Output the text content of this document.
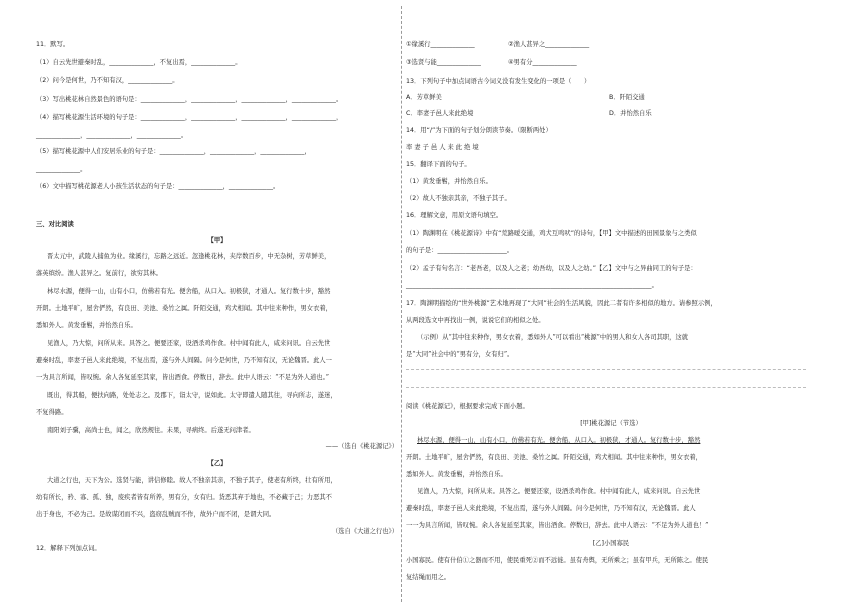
11．默写。
（1）自云先世避秦时乱，______________，不复出焉，______________。
（2）问今是何世，乃不知有汉，______________。
（3）写出桃花林自然景色的语句是：______________，______________，______________，______________。
（4）描写桃花源生活环境的句子是：______________，______________，______________，______________，
______________，______________，______________。
（5）描写桃花源中人们安居乐业的句子是：______________，______________，______________，
______________。
（6）文中描写桃花源老人小孩生活状态的句子是：______________，______________。
三、对比阅读
【甲】
晋太元中，武陵人捕鱼为业。缘溪行，忘路之远近。忽逢桃花林，夹岸数百步，中无杂树，芳草鲜美，
落英缤纷。渔人甚异之。复前行，欲穷其林。
林尽水源，便得一山，山有小口，仿佛若有光。便舍船，从口入。初极狭，才通人。复行数十步，豁然
开朗。土地平旷，屋舍俨然，有良田、美池、桑竹之属。阡陌交通，鸡犬相闻。其中往来种作，男女衣着，
悉如外人。黄发垂髫，并怡然自乐。
见渔人，乃大惊，问所从来。具答之。便要还家，设酒杀鸡作食。村中闻有此人，咸来问讯。自云先世
避秦时乱，率妻子邑人来此绝境，不复出焉，遂与外人间隔。问今是何世，乃不知有汉，无论魏晋。此人一
一为具言所闻，皆叹惋。余人各复延至其家，皆出酒食。停数日，辞去。此中人语云：“不足为外人道也。”
既出，得其船，便扶向路，处处志之。及郡下，诣太守，说如此。太守即遣人随其往，寻向所志，遂迷，
不复得路。
南阳刘子骥，高尚士也，闻之，欣然规往。未果，寻病终。后遂无问津者。
——（选自《桃花源记》）
【乙】
大道之行也，天下为公。选贤与能，讲信修睦。故人不独亲其亲，不独子其子，使老有所终，壮有所用，
幼有所长，矜、寡、孤、独，废疾者皆有所养，男有分，女有归。货恶其弃于地也，不必藏于己；力恶其不
出于身也，不必为己。是故谋闭而不兴，盗窃乱贼而不作，故外户而不闭，是谓大同。
（选自《大道之行也》）
12．解释下列加点词。
①缘溪行______________	②渔人甚异之______________
③选贤与能______________	④男有分______________
13．下列句子中加点词语古今词义没有发生变化的一项是（　　）
A．芳草鲜美	B．阡陌交通
C．率妻子邑人来此绝境	D．并怡然自乐
14．用“/”为下面的句子划分朗读节奏。（限断两处）
率 妻 子 邑 人 来 此 绝 境
15．翻译下面的句子。
（1）黄发垂髫，并怡然自乐。
（2）故人不独亲其亲，不独子其子。
16．理解文意，用原文语句填空。
（1）陶渊明在《桃花源诗》中有“荒路暧交通，鸡犬互鸣吠”的诗句，【甲】文中描述的田园景象与之类似
的句子是：______________________。
（2）孟子有句名言：“老吾老，以及人之老；幼吾幼，以及人之幼。”【乙】文中与之异曲同工的句子是：
______________________________________________________________________________。
17．陶渊明描绘的“世外桃源”艺术地再现了“大同”社会的生活风貌，因此二者有许多相似的地方。请参照示例，
从两段选文中再找出一例，说说它们的相似之处。
（示例）从“其中往来种作，男女衣着，悉如外人”可以看出“桃源”中的男人和女人各司其职，这就
是“大同”社会中的“男有分，女有归”。
阅读《桃花源记》，根据要求完成下面小题。
[甲]桃花源记（节选）
林尽水源，便得一山，山有小口，仿佛若有光。便舍船，从口入。初极狭，才通人。复行数十步，豁然
开朗。土地平旷，屋舍俨然，有良田、美池、桑竹之属。阡陌交通，鸡犬相闻。其中往来种作，男女衣着，
悉如外人。黄发垂髫，并怡然自乐。
见渔人，乃大惊，问所从来。具答之。便要还家，设酒杀鸡作食。村中闻有此人，咸来问讯。自云先世
避秦时乱，率妻子邑人来此绝境，不复出焉，遂与外人间隔。问今是何世，乃不知有汉，无论魏晋。此人
一一为具言所闻，皆叹惋。余人各复延至其家，皆出酒食。停数日，辞去。此中人语云：“不足为外人道也！”
[乙]小国寡民
小国寡民。使有什伯①之器而不用，使民重死②而不远徙。虽有舟舆，无所乘之；虽有甲兵，无所陈之。使民
复结绳而用之。
